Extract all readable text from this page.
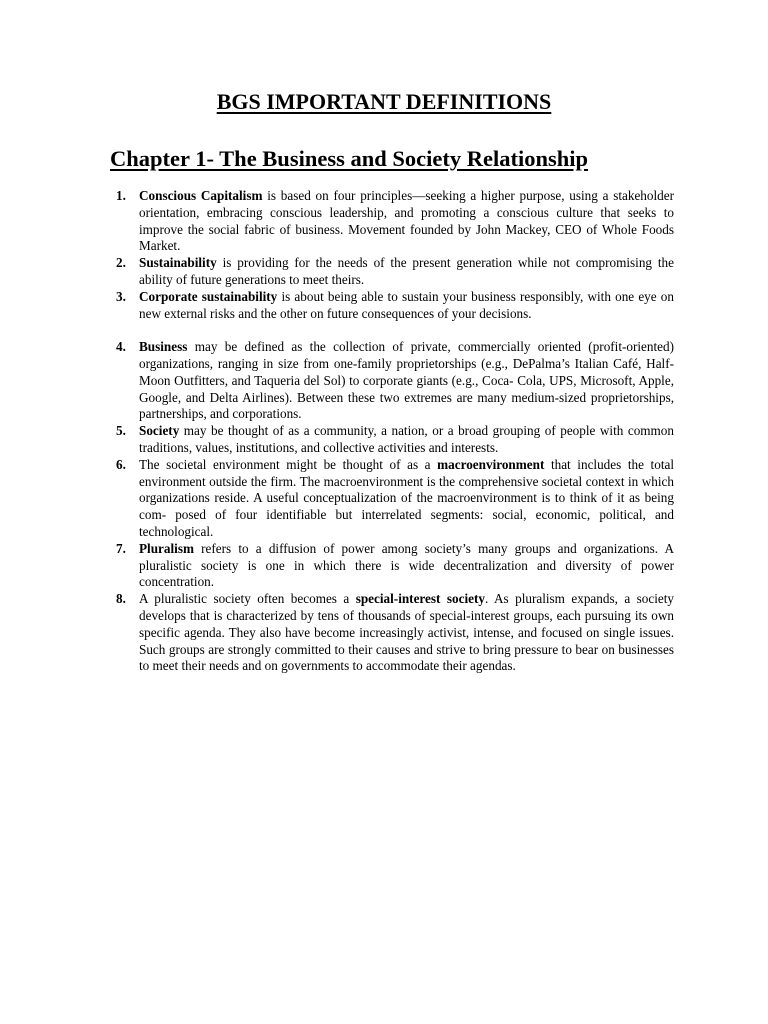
BGS IMPORTANT DEFINITIONS
Chapter 1- The Business and Society Relationship
1. Conscious Capitalism is based on four principles—seeking a higher purpose, using a stakeholder orientation, embracing conscious leadership, and promoting a conscious culture that seeks to improve the social fabric of business. Movement founded by John Mackey, CEO of Whole Foods Market.
2. Sustainability is providing for the needs of the present generation while not compromising the ability of future generations to meet theirs.
3. Corporate sustainability is about being able to sustain your business responsibly, with one eye on new external risks and the other on future consequences of your decisions.
4. Business may be defined as the collection of private, commercially oriented (profit-oriented) organizations, ranging in size from one-family proprietorships (e.g., DePalma’s Italian Café, Half-Moon Outfitters, and Taqueria del Sol) to corporate giants (e.g., Coca- Cola, UPS, Microsoft, Apple, Google, and Delta Airlines). Between these two extremes are many medium-sized proprietorships, partnerships, and corporations.
5. Society may be thought of as a community, a nation, or a broad grouping of people with common traditions, values, institutions, and collective activities and interests.
6. The societal environment might be thought of as a macroenvironment that includes the total environment outside the firm. The macroenvironment is the comprehensive societal context in which organizations reside. A useful conceptualization of the macroenvironment is to think of it as being com- posed of four identifiable but interrelated segments: social, economic, political, and technological.
7. Pluralism refers to a diffusion of power among society’s many groups and organizations. A pluralistic society is one in which there is wide decentralization and diversity of power concentration.
8. A pluralistic society often becomes a special-interest society. As pluralism expands, a society develops that is characterized by tens of thousands of special-interest groups, each pursuing its own specific agenda. They also have become increasingly activist, intense, and focused on single issues. Such groups are strongly committed to their causes and strive to bring pressure to bear on businesses to meet their needs and on governments to accommodate their agendas.
